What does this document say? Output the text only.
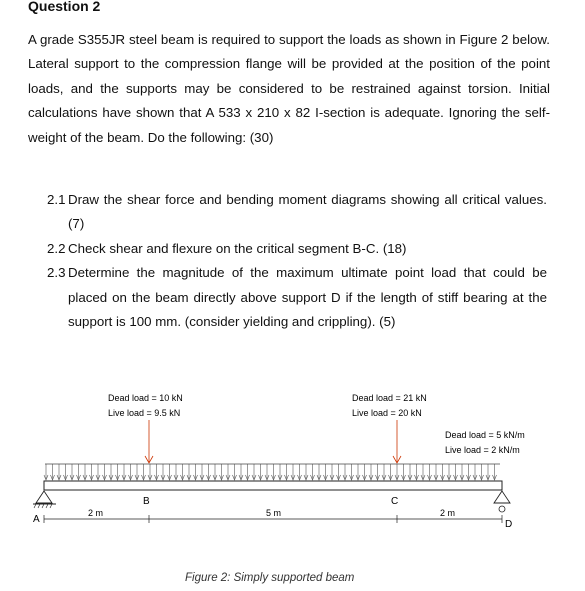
Question 2

A grade S355JR steel beam is required to support the loads as shown in Figure 2 below. Lateral support to the compression flange will be provided at the position of the point loads, and the supports may be considered to be restrained against torsion. Initial calculations have shown that A 533 x 210 x 82 I-section is adequate. Ignoring the self-weight of the beam. Do the following: (30)

2.1 Draw the shear force and bending moment diagrams showing all critical values. (7)
2.2 Check shear and flexure on the critical segment B-C. (18)
2.3 Determine the magnitude of the maximum ultimate point load that could be placed on the beam directly above support D if the length of stiff bearing at the support is 100 mm. (consider yielding and crippling). (5)
Dead load = 10 kN
Live load = 9.5 kN
Dead load = 21 kN
Live load = 20 kN
Dead load = 5 kN/m
Live load = 2 kN/m
A
B	C
D
2 m	5 m	2 m
Figure 2: Simply supported beam
